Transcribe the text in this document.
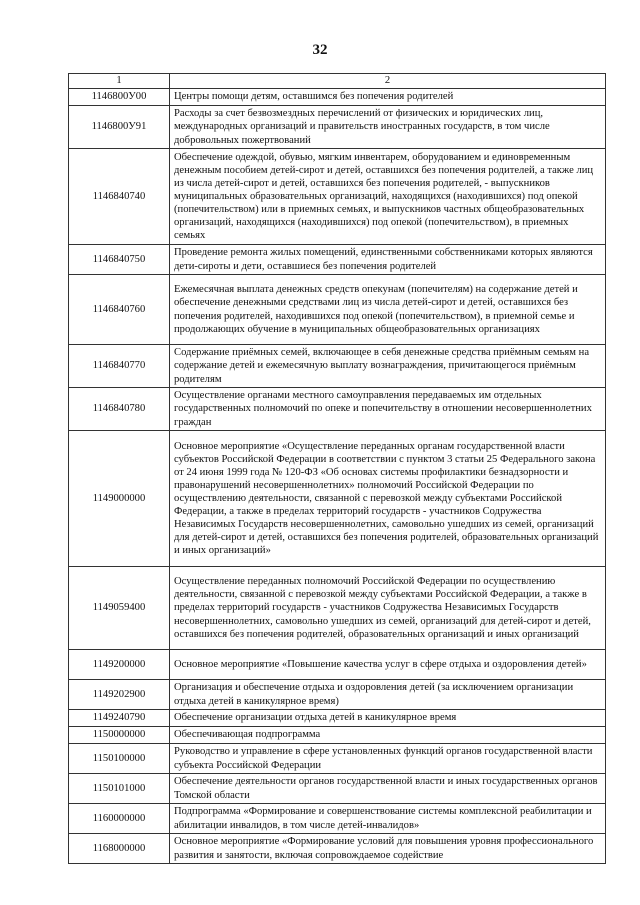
32
1	2
1146800У00	Центры помощи детям, оставшимся без попечения родителей
1146800У91	Расходы за счет безвозмездных перечислений от физических и юридических лиц, международных организаций и правительств иностранных государств, в том числе добровольных пожертвований
1146840740	Обеспечение одеждой, обувью, мягким инвентарем, оборудованием и единовременным денежным пособием детей-сирот и детей, оставшихся без попечения родителей, а также лиц из числа детей-сирот и детей, оставшихся без попечения родителей, - выпускников муниципальных образовательных организаций, находящихся (находившихся) под опекой (попечительством) или в приемных семьях, и выпускников частных общеобразовательных организаций, находящихся (находившихся) под опекой (попечительством), в приемных семьях
1146840750	Проведение ремонта жилых помещений, единственными собственниками которых являются дети-сироты и дети, оставшиеся без попечения родителей
1146840760	Ежемесячная выплата денежных средств опекунам (попечителям) на содержание детей и обеспечение денежными средствами лиц из числа детей-сирот и детей, оставшихся без попечения родителей, находившихся под опекой (попечительством), в приемной семье и продолжающих обучение в муниципальных общеобразовательных организациях
1146840770	Содержание приёмных семей, включающее в себя денежные средства приёмным семьям на содержание детей и ежемесячную выплату вознаграждения, причитающегося приёмным родителям
1146840780	Осуществление органами местного самоуправления передаваемых им отдельных государственных полномочий по опеке и попечительству в отношении несовершеннолетних граждан
1149000000	Основное мероприятие «Осуществление переданных органам государственной власти субъектов Российской Федерации в соответствии с пунктом 3 статьи 25 Федерального закона от 24 июня 1999 года № 120-ФЗ «Об основах системы профилактики безнадзорности и правонарушений несовершеннолетних» полномочий Российской Федерации по осуществлению деятельности, связанной с перевозкой между субъектами Российской Федерации, а также в пределах территорий государств - участников Содружества Независимых Государств несовершеннолетних, самовольно ушедших из семей, организаций для детей-сирот и детей, оставшихся без попечения родителей, образовательных организаций и иных организаций»
1149059400	Осуществление переданных полномочий Российской Федерации по осуществлению деятельности, связанной с перевозкой между субъектами Российской Федерации, а также в пределах территорий государств - участников Содружества Независимых Государств несовершеннолетних, самовольно ушедших из семей, организаций для детей-сирот и детей, оставшихся без попечения родителей, образовательных организаций и иных организаций
1149200000	Основное мероприятие «Повышение качества услуг в сфере отдыха и оздоровления детей»
1149202900	Организация и обеспечение отдыха и оздоровления детей (за исключением организации отдыха детей в каникулярное время)
1149240790	Обеспечение организации отдыха детей в каникулярное время
1150000000	Обеспечивающая подпрограмма
1150100000	Руководство и управление в сфере установленных функций органов государственной власти субъекта Российской Федерации
1150101000	Обеспечение деятельности органов государственной власти и иных государственных органов Томской области
1160000000	Подпрограмма «Формирование и совершенствование системы комплексной реабилитации и абилитации инвалидов, в том числе детей-инвалидов»
1168000000	Основное мероприятие «Формирование условий для повышения уровня профессионального развития и занятости, включая сопровождаемое содействие
